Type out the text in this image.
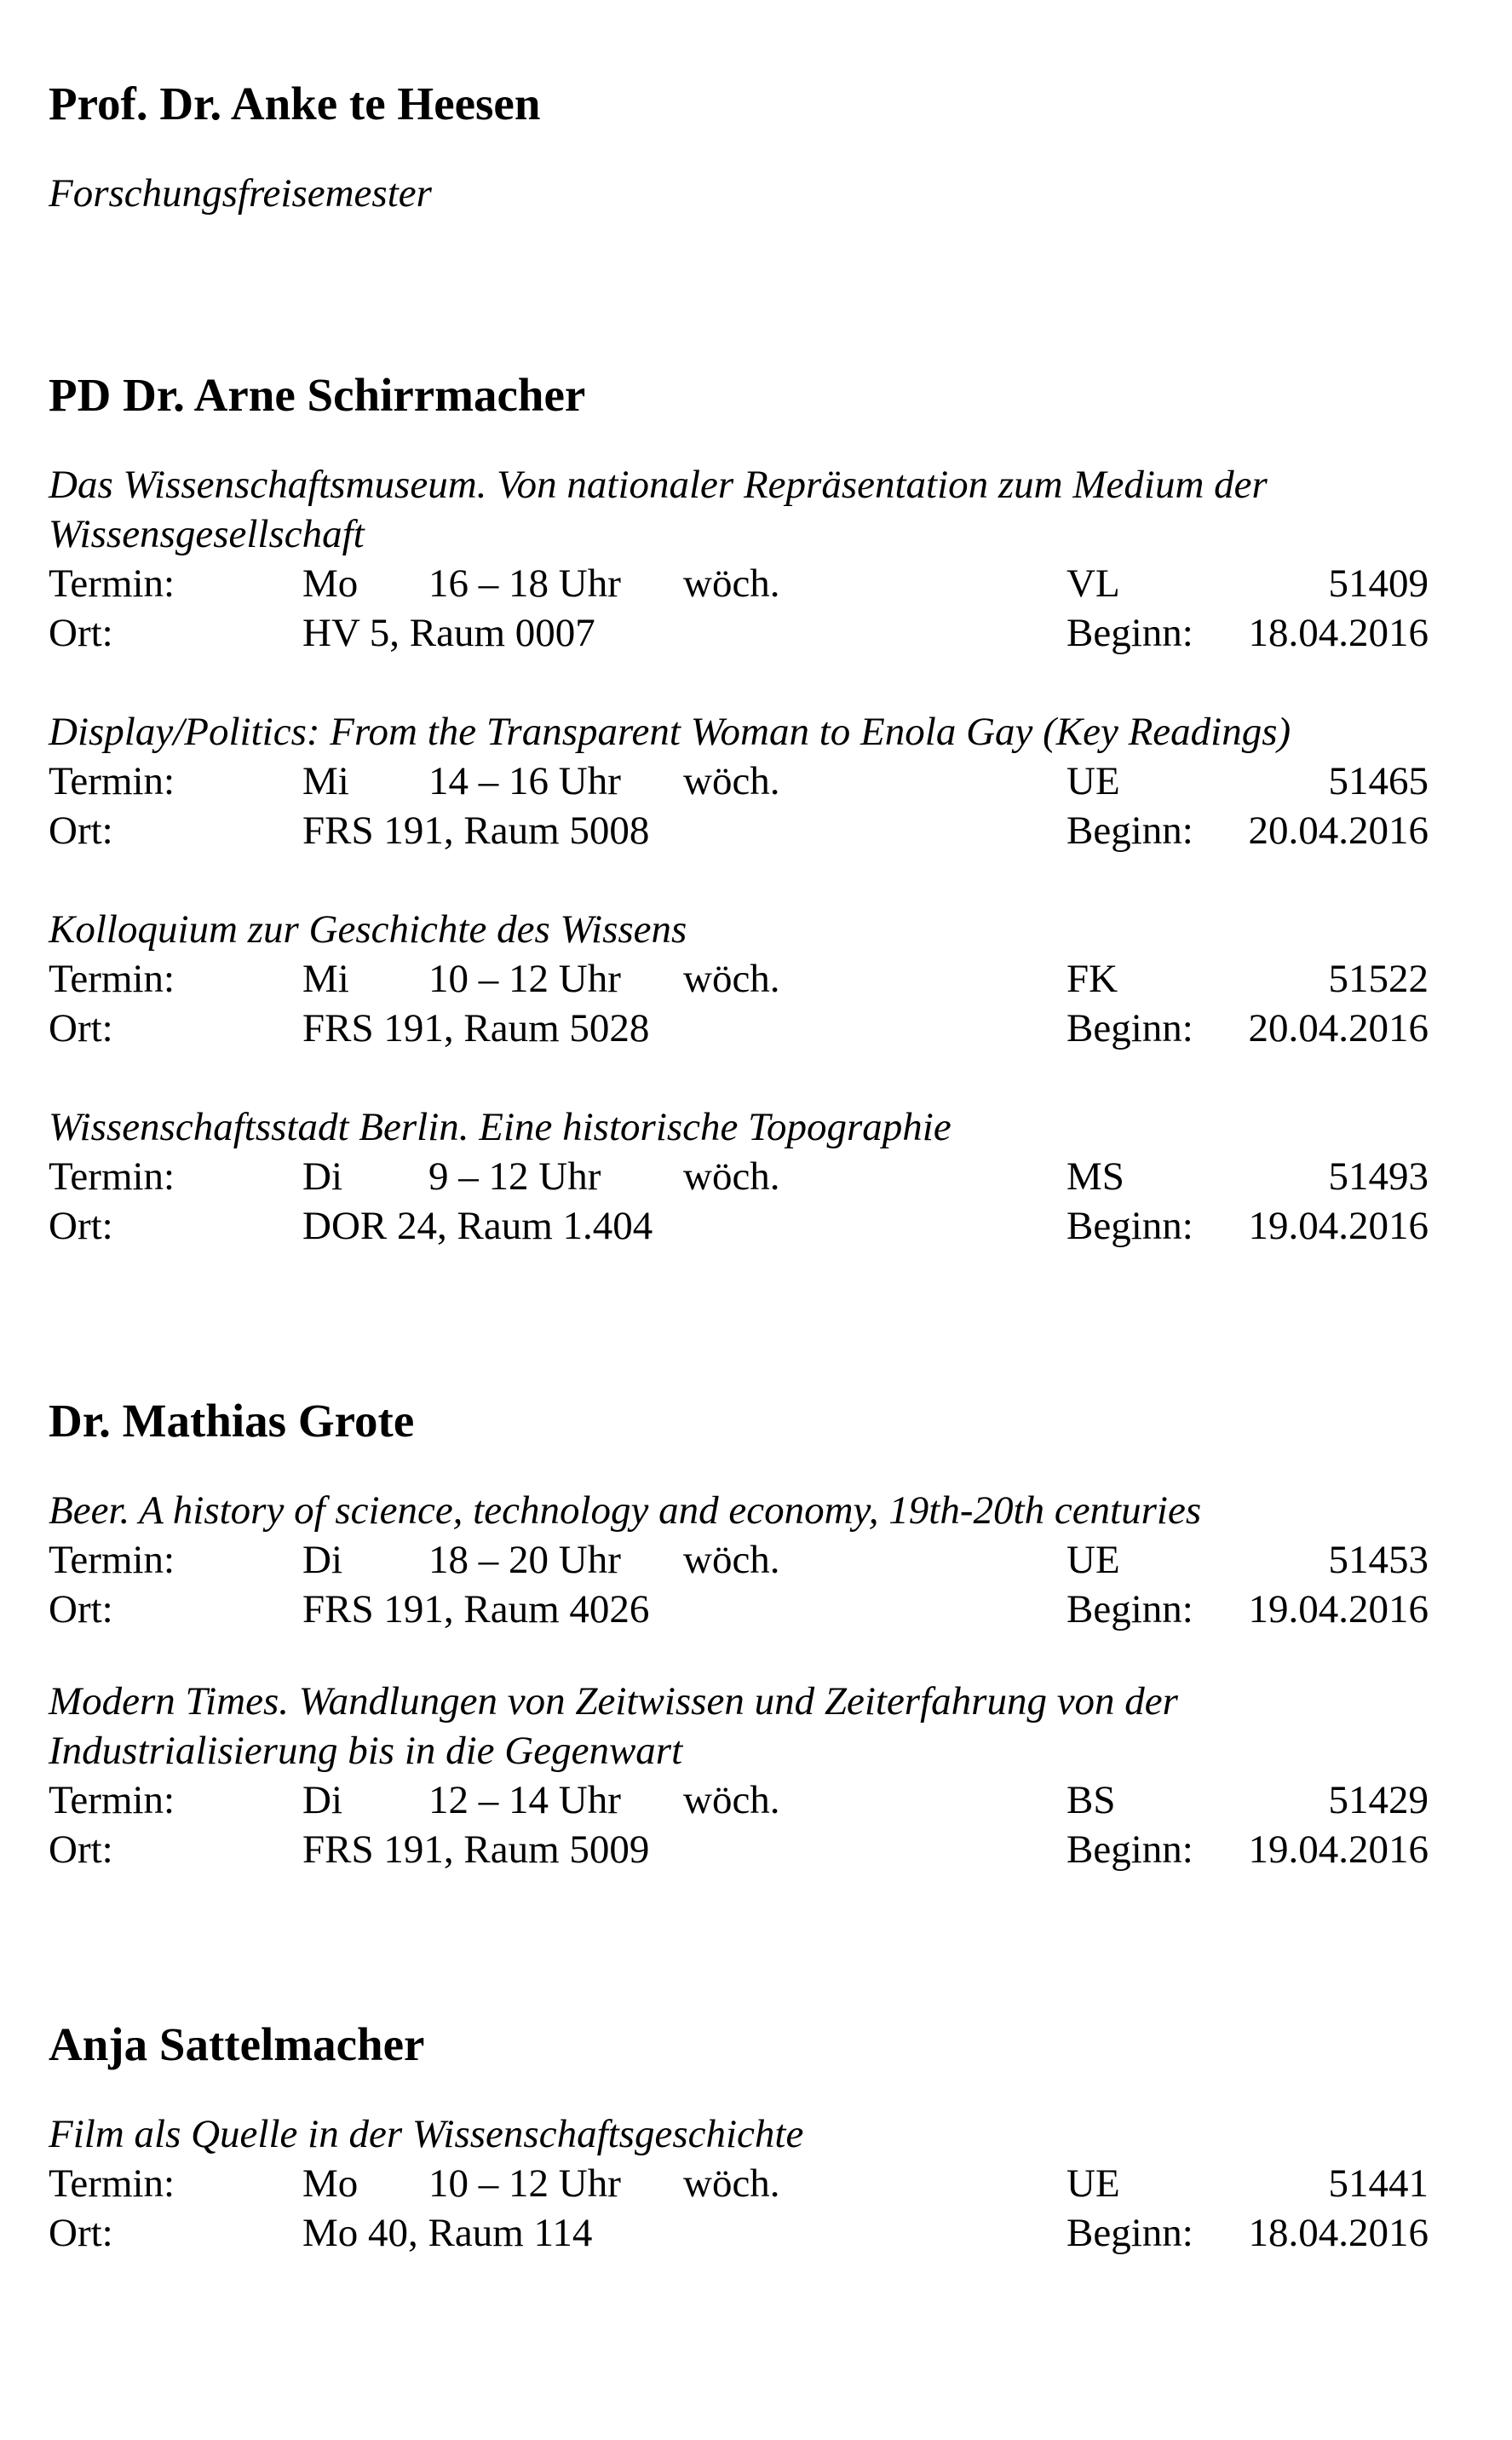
Prof. Dr. Anke te Heesen
Forschungsfreisemester
PD Dr. Arne Schirrmacher
Das Wissenschaftsmuseum. Von nationaler Repräsentation zum Medium der Wissensgesellschaft
Termin:	Mo 16 – 18 Uhr wöch.	VL	51409
Ort:	HV 5, Raum 0007	Beginn: 18.04.2016
Display/Politics: From the Transparent Woman to Enola Gay (Key Readings)
Termin:	Mi 14 – 16 Uhr wöch.	UE	51465
Ort:	FRS 191, Raum 5008	Beginn: 20.04.2016
Kolloquium zur Geschichte des Wissens
Termin:	Mi 10 – 12 Uhr wöch.	FK	51522
Ort:	FRS 191, Raum 5028	Beginn: 20.04.2016
Wissenschaftsstadt Berlin. Eine historische Topographie
Termin:	Di 9 – 12 Uhr wöch.	MS	51493
Ort:	DOR 24, Raum 1.404	Beginn: 19.04.2016
Dr. Mathias Grote
Beer. A history of science, technology and economy, 19th-20th centuries
Termin:	Di 18 – 20 Uhr wöch.	UE	51453
Ort:	FRS 191, Raum 4026	Beginn: 19.04.2016
Modern Times. Wandlungen von Zeitwissen und Zeiterfahrung von der Industrialisierung bis in die Gegenwart
Termin:	Di 12 – 14 Uhr wöch.	BS	51429
Ort:	FRS 191, Raum 5009	Beginn: 19.04.2016
Anja Sattelmacher
Film als Quelle in der Wissenschaftsgeschichte
Termin:	Mo 10 – 12 Uhr wöch.	UE	51441
Ort:	Mo 40, Raum 114	Beginn: 18.04.2016
